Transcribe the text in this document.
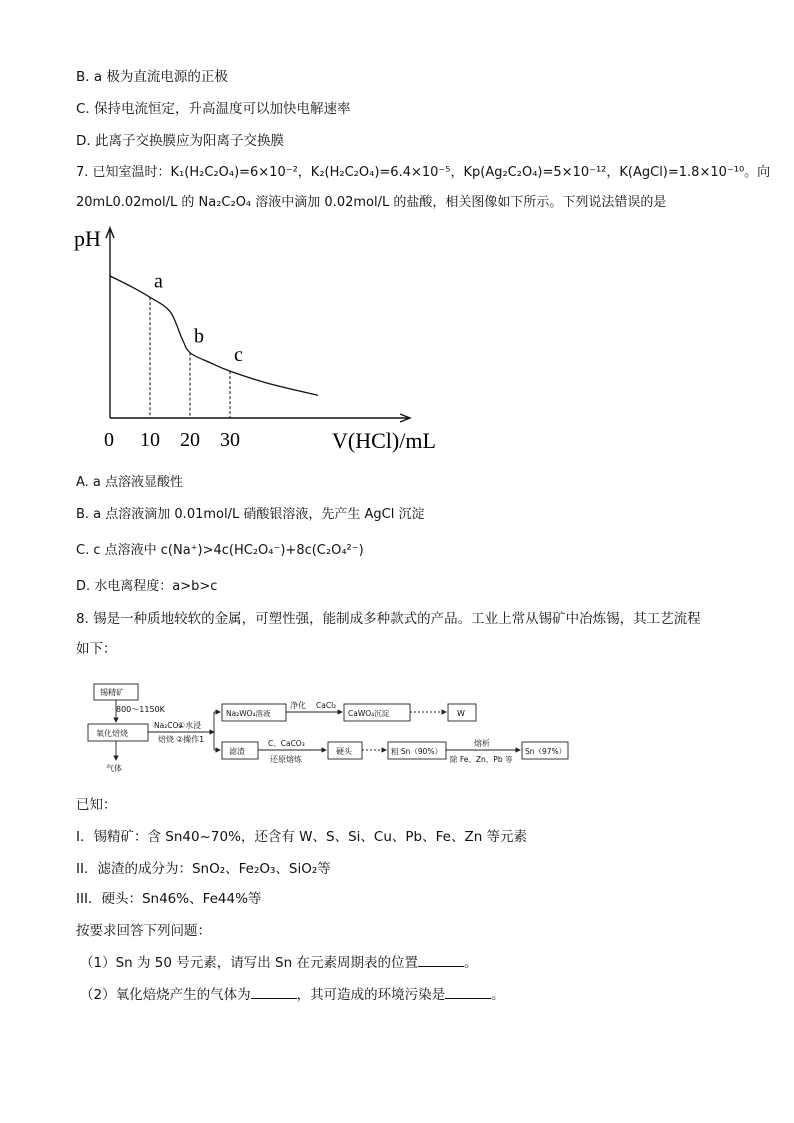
B. a 极为直流电源的正极
C. 保持电流恒定，升高温度可以加快电解速率
D. 此离子交换膜应为阳离子交换膜
7. 已知室温时：K₁(H₂C₂O₄)=6×10⁻²，K₂(H₂C₂O₄)=6.4×10⁻⁵，Kp(Ag₂C₂O₄)=5×10⁻¹²，K(AgCl)=1.8×10⁻¹⁰。向
20mL0.02mol/L 的 Na₂C₂O₄ 溶液中滴加 0.02mol/L 的盐酸，相关图像如下所示。下列说法错误的是
pH
V(HCl)/mL
0 10 20 30
a
b
c
A. a 点溶液显酸性
B. a 点溶液滴加 0.01mol/L 硝酸银溶液，先产生 AgCl 沉淀
C. c 点溶液中 c(Na⁺)>4c(HC₂O₄⁻)+8c(C₂O₄²⁻)
D. 水电离程度：a>b>c
8. 锡是一种质地较软的金属，可塑性强，能制成多种款式的产品。工业上常从锡矿中冶炼锡，其工艺流程
如下：
锡精矿
800～1150K
氧化焙烧
气体
Na₂CO₃
焙烧
①水浸
②操作1
Na₂WO₄溶液
净化 CaCl₂
CaWO₄沉淀	W
滤渣
C、CaCO₃
还原熔炼
硬头	粗 Sn（90%）
熔析
除 Fe、Zn、Pb 等
Sn（97%）
已知：
I．锡精矿：含 Sn40~70%，还含有 W、S、Si、Cu、Pb、Fe、Zn 等元素
II．滤渣的成分为：SnO₂、Fe₂O₃、SiO₂等
III．硬头：Sn46%、Fe44%等
按要求回答下列问题：
（1）Sn 为 50 号元素，请写出 Sn 在元素周期表的位置	。
（2）氧化焙烧产生的气体为	，其可造成的环境污染是	。
